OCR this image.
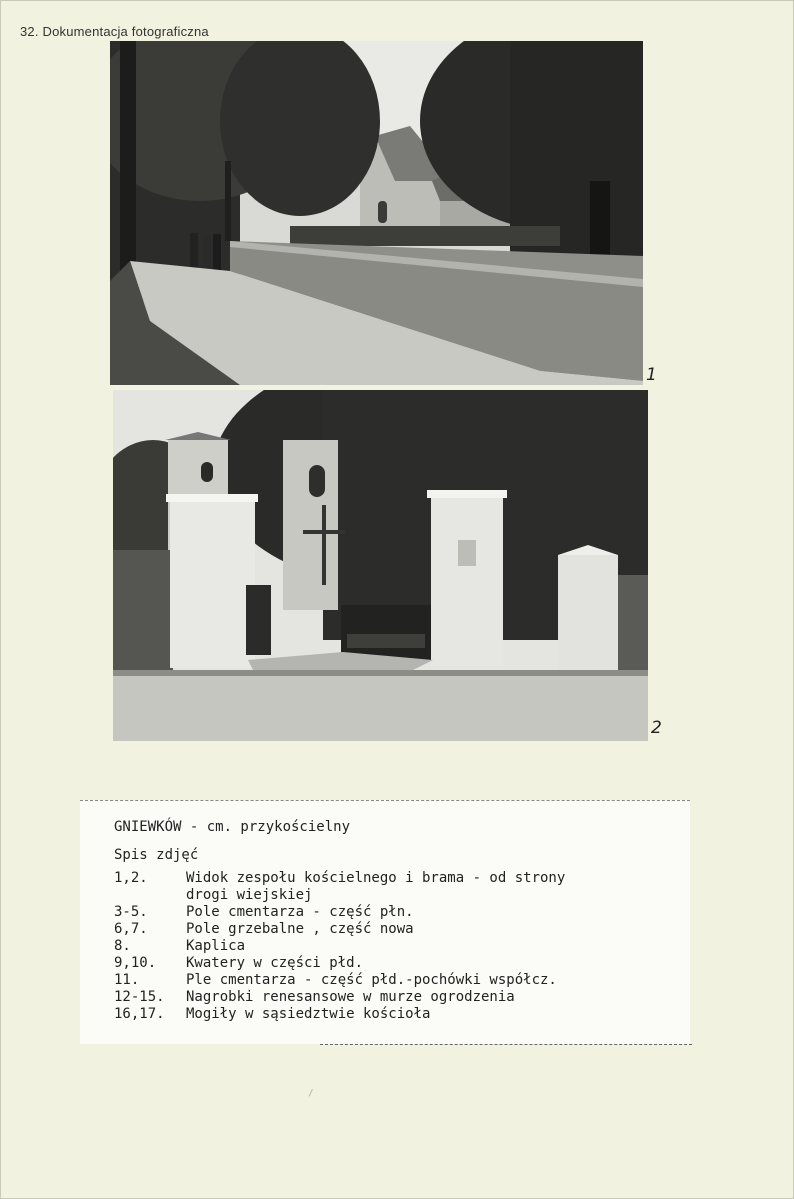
32. Dokumentacja fotograficzna
1
2
GNIEWKÓW - cm. przykościelny
Spis zdjęć

1,2.

	Widok zespołu kościelnego i brama - od strony
drogi wiejskiej

3-5.

	Pole cmentarza - część płn.

6,7.

	Pole grzebalne , część nowa

8.

	Kaplica

9,10.

	Kwatery w części płd.

11.

	Ple cmentarza - część płd.-pochówki współcz.

12-15.

	Nagrobki renesansowe w murze ogrodzenia

16,17.

	Mogiły w sąsiedztwie kościoła
